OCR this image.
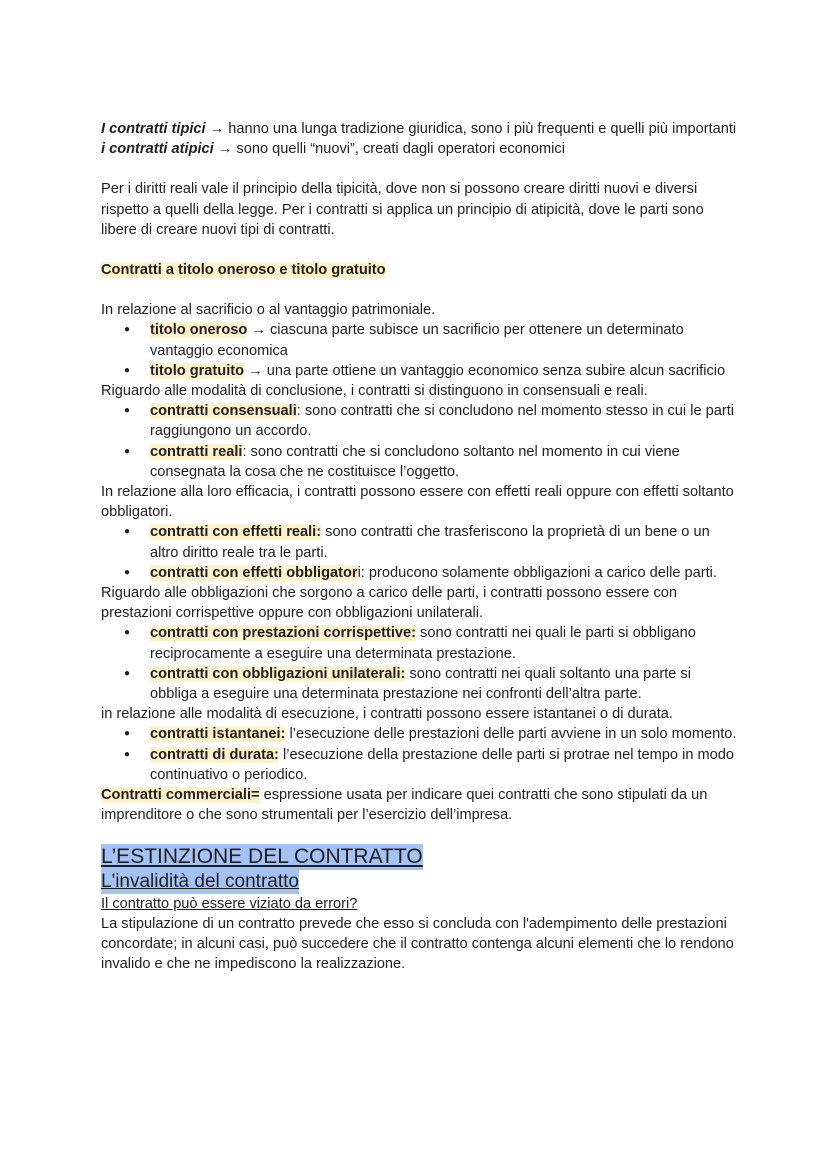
I contratti tipici → hanno una lunga tradizione giuridica, sono i più frequenti e quelli più importanti

i contratti atipici → sono quelli “nuovi”, creati dagli operatori economici

Per i diritti reali vale il principio della tipicità, dove non si possono creare diritti nuovi e diversi rispetto a quelli della legge. Per i contratti si applica un principio di atipicità, dove le parti sono libere di creare nuovi tipi di contratti.

Contratti a titolo oneroso e titolo gratuito

In relazione al sacrificio o al vantaggio patrimoniale.

● titolo oneroso → ciascuna parte subisce un sacrificio per ottenere un determinato vantaggio economica
● titolo gratuito → una parte ottiene un vantaggio economico senza subire alcun sacrificio

Riguardo alle modalità di conclusione, i contratti si distinguono in consensuali e reali.

● contratti consensuali: sono contratti che si concludono nel momento stesso in cui le parti raggiungono un accordo.
● contratti reali: sono contratti che si concludono soltanto nel momento in cui viene consegnata la cosa che ne costituisce l’oggetto.

In relazione alla loro efficacia, i contratti possono essere con effetti reali oppure con effetti soltanto obbligatori.

● contratti con effetti reali: sono contratti che trasferiscono la proprietà di un bene o un altro diritto reale tra le parti.
● contratti con effetti obbligatori: producono solamente obbligazioni a carico delle parti.

Riguardo alle obbligazioni che sorgono a carico delle parti, i contratti possono essere con prestazioni corrispettive oppure con obbligazioni unilaterali.

● contratti con prestazioni corrispettive: sono contratti nei quali le parti si obbligano reciprocamente a eseguire una determinata prestazione.
● contratti con obbligazioni unilaterali: sono contratti nei quali soltanto una parte si obbliga a eseguire una determinata prestazione nei confronti dell’altra parte.

in relazione alle modalità di esecuzione, i contratti possono essere istantanei o di durata.

● contratti istantanei: l’esecuzione delle prestazioni delle parti avviene in un solo momento.
● contratti di durata: l’esecuzione della prestazione delle parti si protrae nel tempo in modo continuativo o periodico.

Contratti commerciali= espressione usata per indicare quei contratti che sono stipulati da un imprenditore o che sono strumentali per l’esercizio dell’impresa.

L’ESTINZIONE DEL CONTRATTO

L'invalidità del contratto

Il contratto può essere viziato da errori?

La stipulazione di un contratto prevede che esso si concluda con l'adempimento delle prestazioni concordate; in alcuni casi, può succedere che il contratto contenga alcuni elementi che lo rendono invalido e che ne impediscono la realizzazione.
